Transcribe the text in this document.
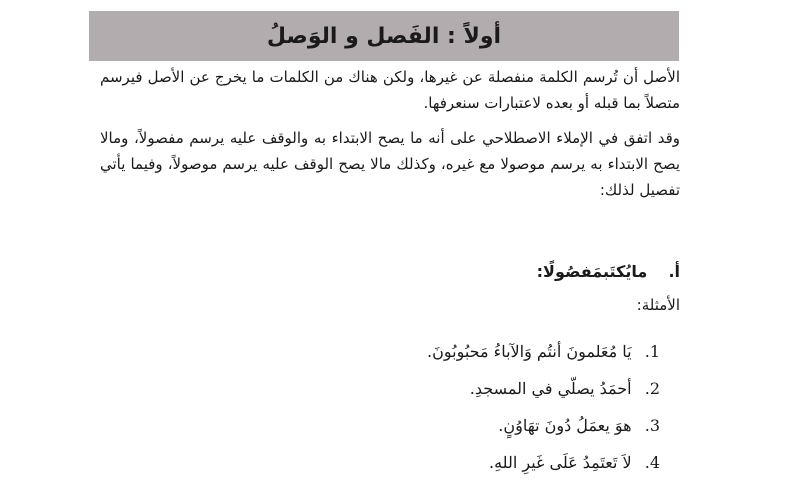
أولاً : الفَصل و الوَصلُ

الأصل أن تُرسم الكلمة منفصلة عن غيرها، ولكن هناك من الكلمات ما يخرج عن الأصل فيرسم متصلاً بما قبله أو بعده لاعتبارات سنعرفها.

وقد اتفق في الإملاء الاصطلاحي على أنه ما يصح الابتداء به والوقف عليه يرسم مفصولاً، ومالا يصح الابتداء به يرسم موصولا مع غيره، وكذلك مالا يصح الوقف عليه يرسم موصولاً، وفيما يأتي تفصيل لذلك:

أ.  مايُكتَبمَفصُولًا:
الأمثلة:
1. يَا مُعَلمونَ أنتُم وَالآباءُ مَحبُوبُونَ.
2. أحمَدُ يصلّي في المسجدِ.
3. هوَ يعمَلُ دُونَ تهَاوُنٍ.
4. لاَ تَعتَمِدُ عَلَى غَيرِ اللهِ.
